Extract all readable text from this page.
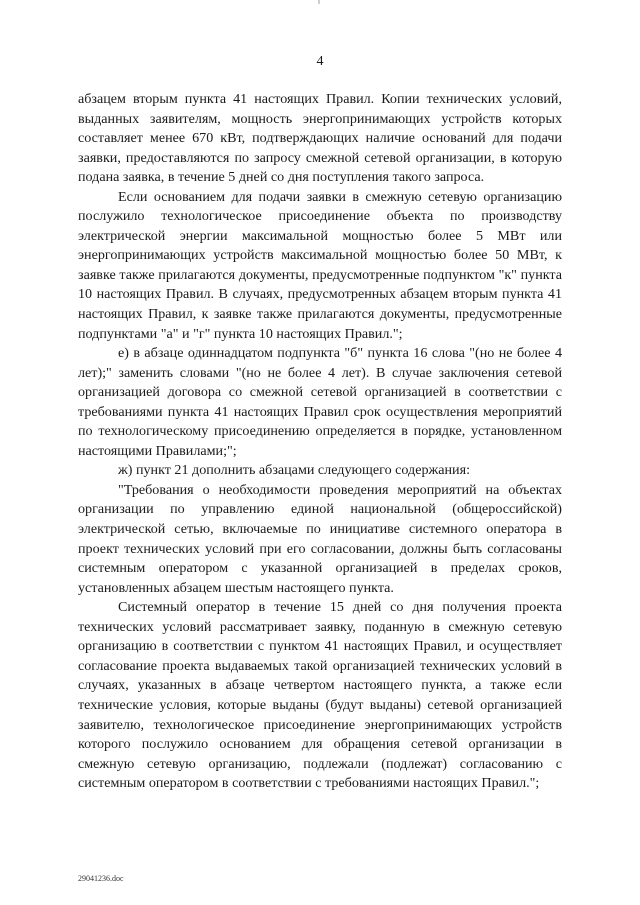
4

абзацем вторым пункта 41 настоящих Правил. Копии технических условий, выданных заявителям, мощность энергопринимающих устройств которых составляет менее 670 кВт, подтверждающих наличие оснований для подачи заявки, предоставляются по запросу смежной сетевой организации, в которую подана заявка, в течение 5 дней со дня поступления такого запроса.

Если основанием для подачи заявки в смежную сетевую организацию послужило технологическое присоединение объекта по производству электрической энергии максимальной мощностью более 5 МВт или энергопринимающих устройств максимальной мощностью более 50 МВт, к заявке также прилагаются документы, предусмотренные подпунктом "к" пункта 10 настоящих Правил. В случаях, предусмотренных абзацем вторым пункта 41 настоящих Правил, к заявке также прилагаются документы, предусмотренные подпунктами "а" и "г" пункта 10 настоящих Правил.";

е) в абзаце одиннадцатом подпункта "б" пункта 16 слова "(но не более 4 лет);" заменить словами "(но не более 4 лет). В случае заключения сетевой организацией договора со смежной сетевой организацией в соответствии с требованиями пункта 41 настоящих Правил срок осуществления мероприятий по технологическому присоединению определяется в порядке, установленном настоящими Правилами;";

ж) пункт 21 дополнить абзацами следующего содержания:

"Требования о необходимости проведения мероприятий на объектах организации по управлению единой национальной (общероссийской) электрической сетью, включаемые по инициативе системного оператора в проект технических условий при его согласовании, должны быть согласованы системным оператором с указанной организацией в пределах сроков, установленных абзацем шестым настоящего пункта.

Системный оператор в течение 15 дней со дня получения проекта технических условий рассматривает заявку, поданную в смежную сетевую организацию в соответствии с пунктом 41 настоящих Правил, и осуществляет согласование проекта выдаваемых такой организацией технических условий в случаях, указанных в абзаце четвертом настоящего пункта, а также если технические условия, которые выданы (будут выданы) сетевой организацией заявителю, технологическое присоединение энергопринимающих устройств которого послужило основанием для обращения сетевой организации в смежную сетевую организацию, подлежали (подлежат) согласованию с системным оператором в соответствии с требованиями настоящих Правил.";

29041236.doc
